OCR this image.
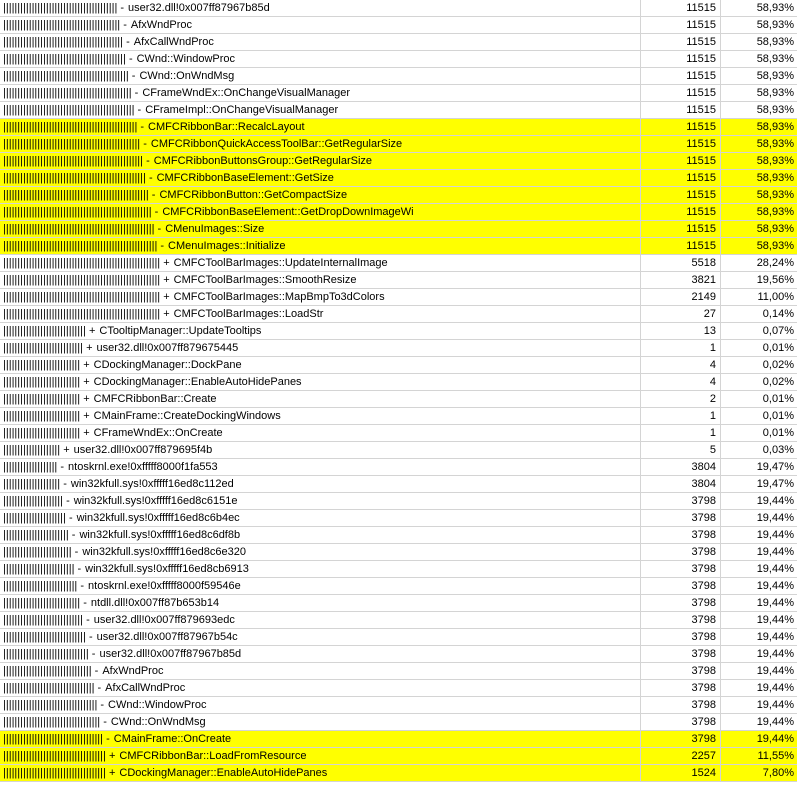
|||||||||||||||||||||||||||||||||||||||| - user32.dll!0x007ff87967b85d	11515	58,93%
||||||||||||||||||||||||||||||||||||||||| - AfxWndProc	11515	58,93%
|||||||||||||||||||||||||||||||||||||||||| - AfxCallWndProc	11515	58,93%
||||||||||||||||||||||||||||||||||||||||||| - CWnd::WindowProc	11515	58,93%
|||||||||||||||||||||||||||||||||||||||||||| - CWnd::OnWndMsg	11515	58,93%
||||||||||||||||||||||||||||||||||||||||||||| - CFrameWndEx::OnChangeVisualManager	11515	58,93%
|||||||||||||||||||||||||||||||||||||||||||||| - CFrameImpl::OnChangeVisualManager	11515	58,93%
||||||||||||||||||||||||||||||||||||||||||||||| - CMFCRibbonBar::RecalcLayout	11515	58,93%
|||||||||||||||||||||||||||||||||||||||||||||||| - CMFCRibbonQuickAccessToolBar::GetRegularSize	11515	58,93%
||||||||||||||||||||||||||||||||||||||||||||||||| - CMFCRibbonButtonsGroup::GetRegularSize	11515	58,93%
|||||||||||||||||||||||||||||||||||||||||||||||||| - CMFCRibbonBaseElement::GetSize	11515	58,93%
||||||||||||||||||||||||||||||||||||||||||||||||||| - CMFCRibbonButton::GetCompactSize	11515	58,93%
|||||||||||||||||||||||||||||||||||||||||||||||||||| - CMFCRibbonBaseElement::GetDropDownImageWi	11515	58,93%
||||||||||||||||||||||||||||||||||||||||||||||||||||| - CMenuImages::Size	11515	58,93%
|||||||||||||||||||||||||||||||||||||||||||||||||||||| - CMenuImages::Initialize	11515	58,93%
||||||||||||||||||||||||||||||||||||||||||||||||||||||| + CMFCToolBarImages::UpdateInternalImage	5518	28,24%
||||||||||||||||||||||||||||||||||||||||||||||||||||||| + CMFCToolBarImages::SmoothResize	3821	19,56%
||||||||||||||||||||||||||||||||||||||||||||||||||||||| + CMFCToolBarImages::MapBmpTo3dColors	2149	11,00%
||||||||||||||||||||||||||||||||||||||||||||||||||||||| + CMFCToolBarImages::LoadStr	27	0,14%
||||||||||||||||||||||||||||| + CTooltipManager::UpdateTooltips	13	0,07%
|||||||||||||||||||||||||||| + user32.dll!0x007ff879675445	1	0,01%
||||||||||||||||||||||||||| + CDockingManager::DockPane	4	0,02%
||||||||||||||||||||||||||| + CDockingManager::EnableAutoHidePanes	4	0,02%
||||||||||||||||||||||||||| + CMFCRibbonBar::Create	2	0,01%
||||||||||||||||||||||||||| + CMainFrame::CreateDockingWindows	1	0,01%
||||||||||||||||||||||||||| + CFrameWndEx::OnCreate	1	0,01%
|||||||||||||||||||| + user32.dll!0x007ff879695f4b	5	0,03%
||||||||||||||||||| - ntoskrnl.exe!0xfffff8000f1fa553	3804	19,47%
|||||||||||||||||||| - win32kfull.sys!0xfffff16ed8c112ed	3804	19,47%
||||||||||||||||||||| - win32kfull.sys!0xfffff16ed8c6151e	3798	19,44%
|||||||||||||||||||||| - win32kfull.sys!0xfffff16ed8c6b4ec	3798	19,44%
||||||||||||||||||||||| - win32kfull.sys!0xfffff16ed8c6df8b	3798	19,44%
|||||||||||||||||||||||| - win32kfull.sys!0xfffff16ed8c6e320	3798	19,44%
||||||||||||||||||||||||| - win32kfull.sys!0xfffff16ed8cb6913	3798	19,44%
|||||||||||||||||||||||||| - ntoskrnl.exe!0xfffff8000f59546e	3798	19,44%
||||||||||||||||||||||||||| - ntdll.dll!0x007ff87b653b14	3798	19,44%
|||||||||||||||||||||||||||| - user32.dll!0x007ff879693edc	3798	19,44%
||||||||||||||||||||||||||||| - user32.dll!0x007ff87967b54c	3798	19,44%
|||||||||||||||||||||||||||||| - user32.dll!0x007ff87967b85d	3798	19,44%
||||||||||||||||||||||||||||||| - AfxWndProc	3798	19,44%
|||||||||||||||||||||||||||||||| - AfxCallWndProc	3798	19,44%
||||||||||||||||||||||||||||||||| - CWnd::WindowProc	3798	19,44%
|||||||||||||||||||||||||||||||||| - CWnd::OnWndMsg	3798	19,44%
||||||||||||||||||||||||||||||||||| - CMainFrame::OnCreate	3798	19,44%
|||||||||||||||||||||||||||||||||||| + CMFCRibbonBar::LoadFromResource	2257	11,55%
|||||||||||||||||||||||||||||||||||| + CDockingManager::EnableAutoHidePanes	1524	7,80%
